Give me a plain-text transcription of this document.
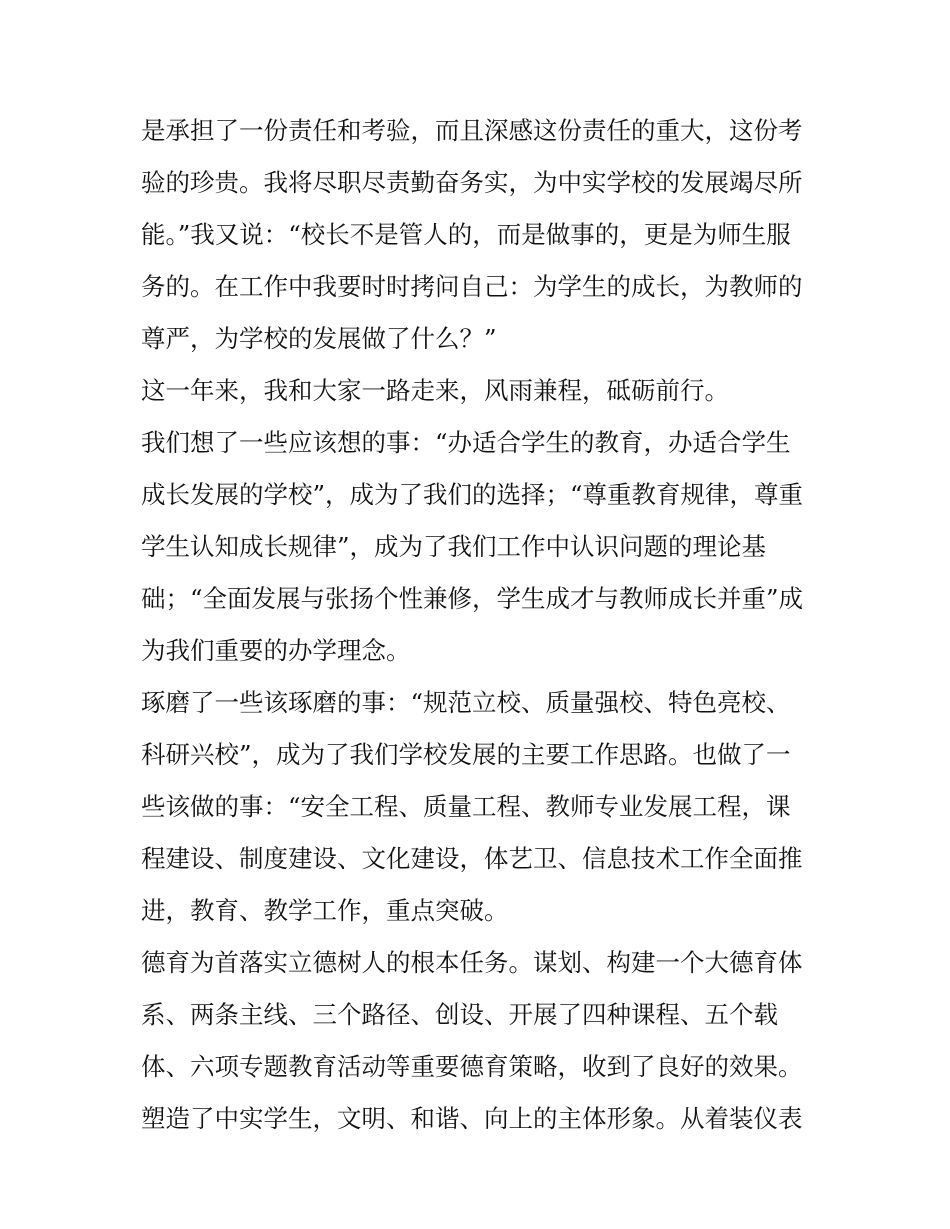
是承担了一份责任和考验，而且深感这份责任的重大，这份考
验的珍贵。我将尽职尽责勤奋务实，为中实学校的发展竭尽所
能。”我又说：“校长不是管人的，而是做事的，更是为师生服
务的。在工作中我要时时拷问自己：为学生的成长，为教师的
尊严，为学校的发展做了什么？”
这一年来，我和大家一路走来，风雨兼程，砥砺前行。
我们想了一些应该想的事：“办适合学生的教育，办适合学生
成长发展的学校”，成为了我们的选择；“尊重教育规律，尊重
学生认知成长规律”，成为了我们工作中认识问题的理论基
础；“全面发展与张扬个性兼修，学生成才与教师成长并重”成
为我们重要的办学理念。
琢磨了一些该琢磨的事：“规范立校、质量强校、特色亮校、
科研兴校”，成为了我们学校发展的主要工作思路。也做了一
些该做的事：“安全工程、质量工程、教师专业发展工程，课
程建设、制度建设、文化建设，体艺卫、信息技术工作全面推
进，教育、教学工作，重点突破。
德育为首落实立德树人的根本任务。谋划、构建一个大德育体
系、两条主线、三个路径、创设、开展了四种课程、五个载
体、六项专题教育活动等重要德育策略，收到了良好的效果。
塑造了中实学生，文明、和谐、向上的主体形象。从着装仪表
